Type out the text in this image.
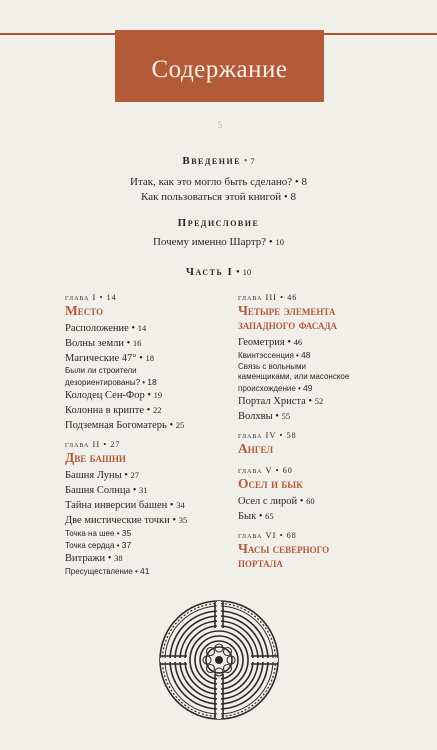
Содержание
5
Введение • 7
Итак, как это могло быть сделано? • 8
Как пользоваться этой книгой • 8
Предисловие
Почему именно Шартр? • 10
Часть I • 10
глава I • 14
Место
Расположение • 14
Волны земли • 16
Магические 47° • 18
Были ли строители
дезориентированы? • 18
Колодец Сен-Фор • 19
Колонна в крипте • 22
Подземная Богоматерь • 25
глава II • 27
Две башни
Башня Луны • 27
Башня Солнца • 31
Тайна инверсии башен • 34
Две мистические точки • 35
Точка на шее • 35
Точка сердца • 37
Витражи • 38
Пресуществление • 41
глава III • 46
Четыре элемента
западного фасада
Геометрия • 46
Квинтэссенция • 48
Связь с вольными
каменщиками, или масонское
происхождение • 49
Портал Христа • 52
Волхвы • 55
глава IV • 58
Ангел
глава V • 60
Осел и бык
Осел с лирой • 60
Бык • 65
глава VI • 68
Часы северного
портала
